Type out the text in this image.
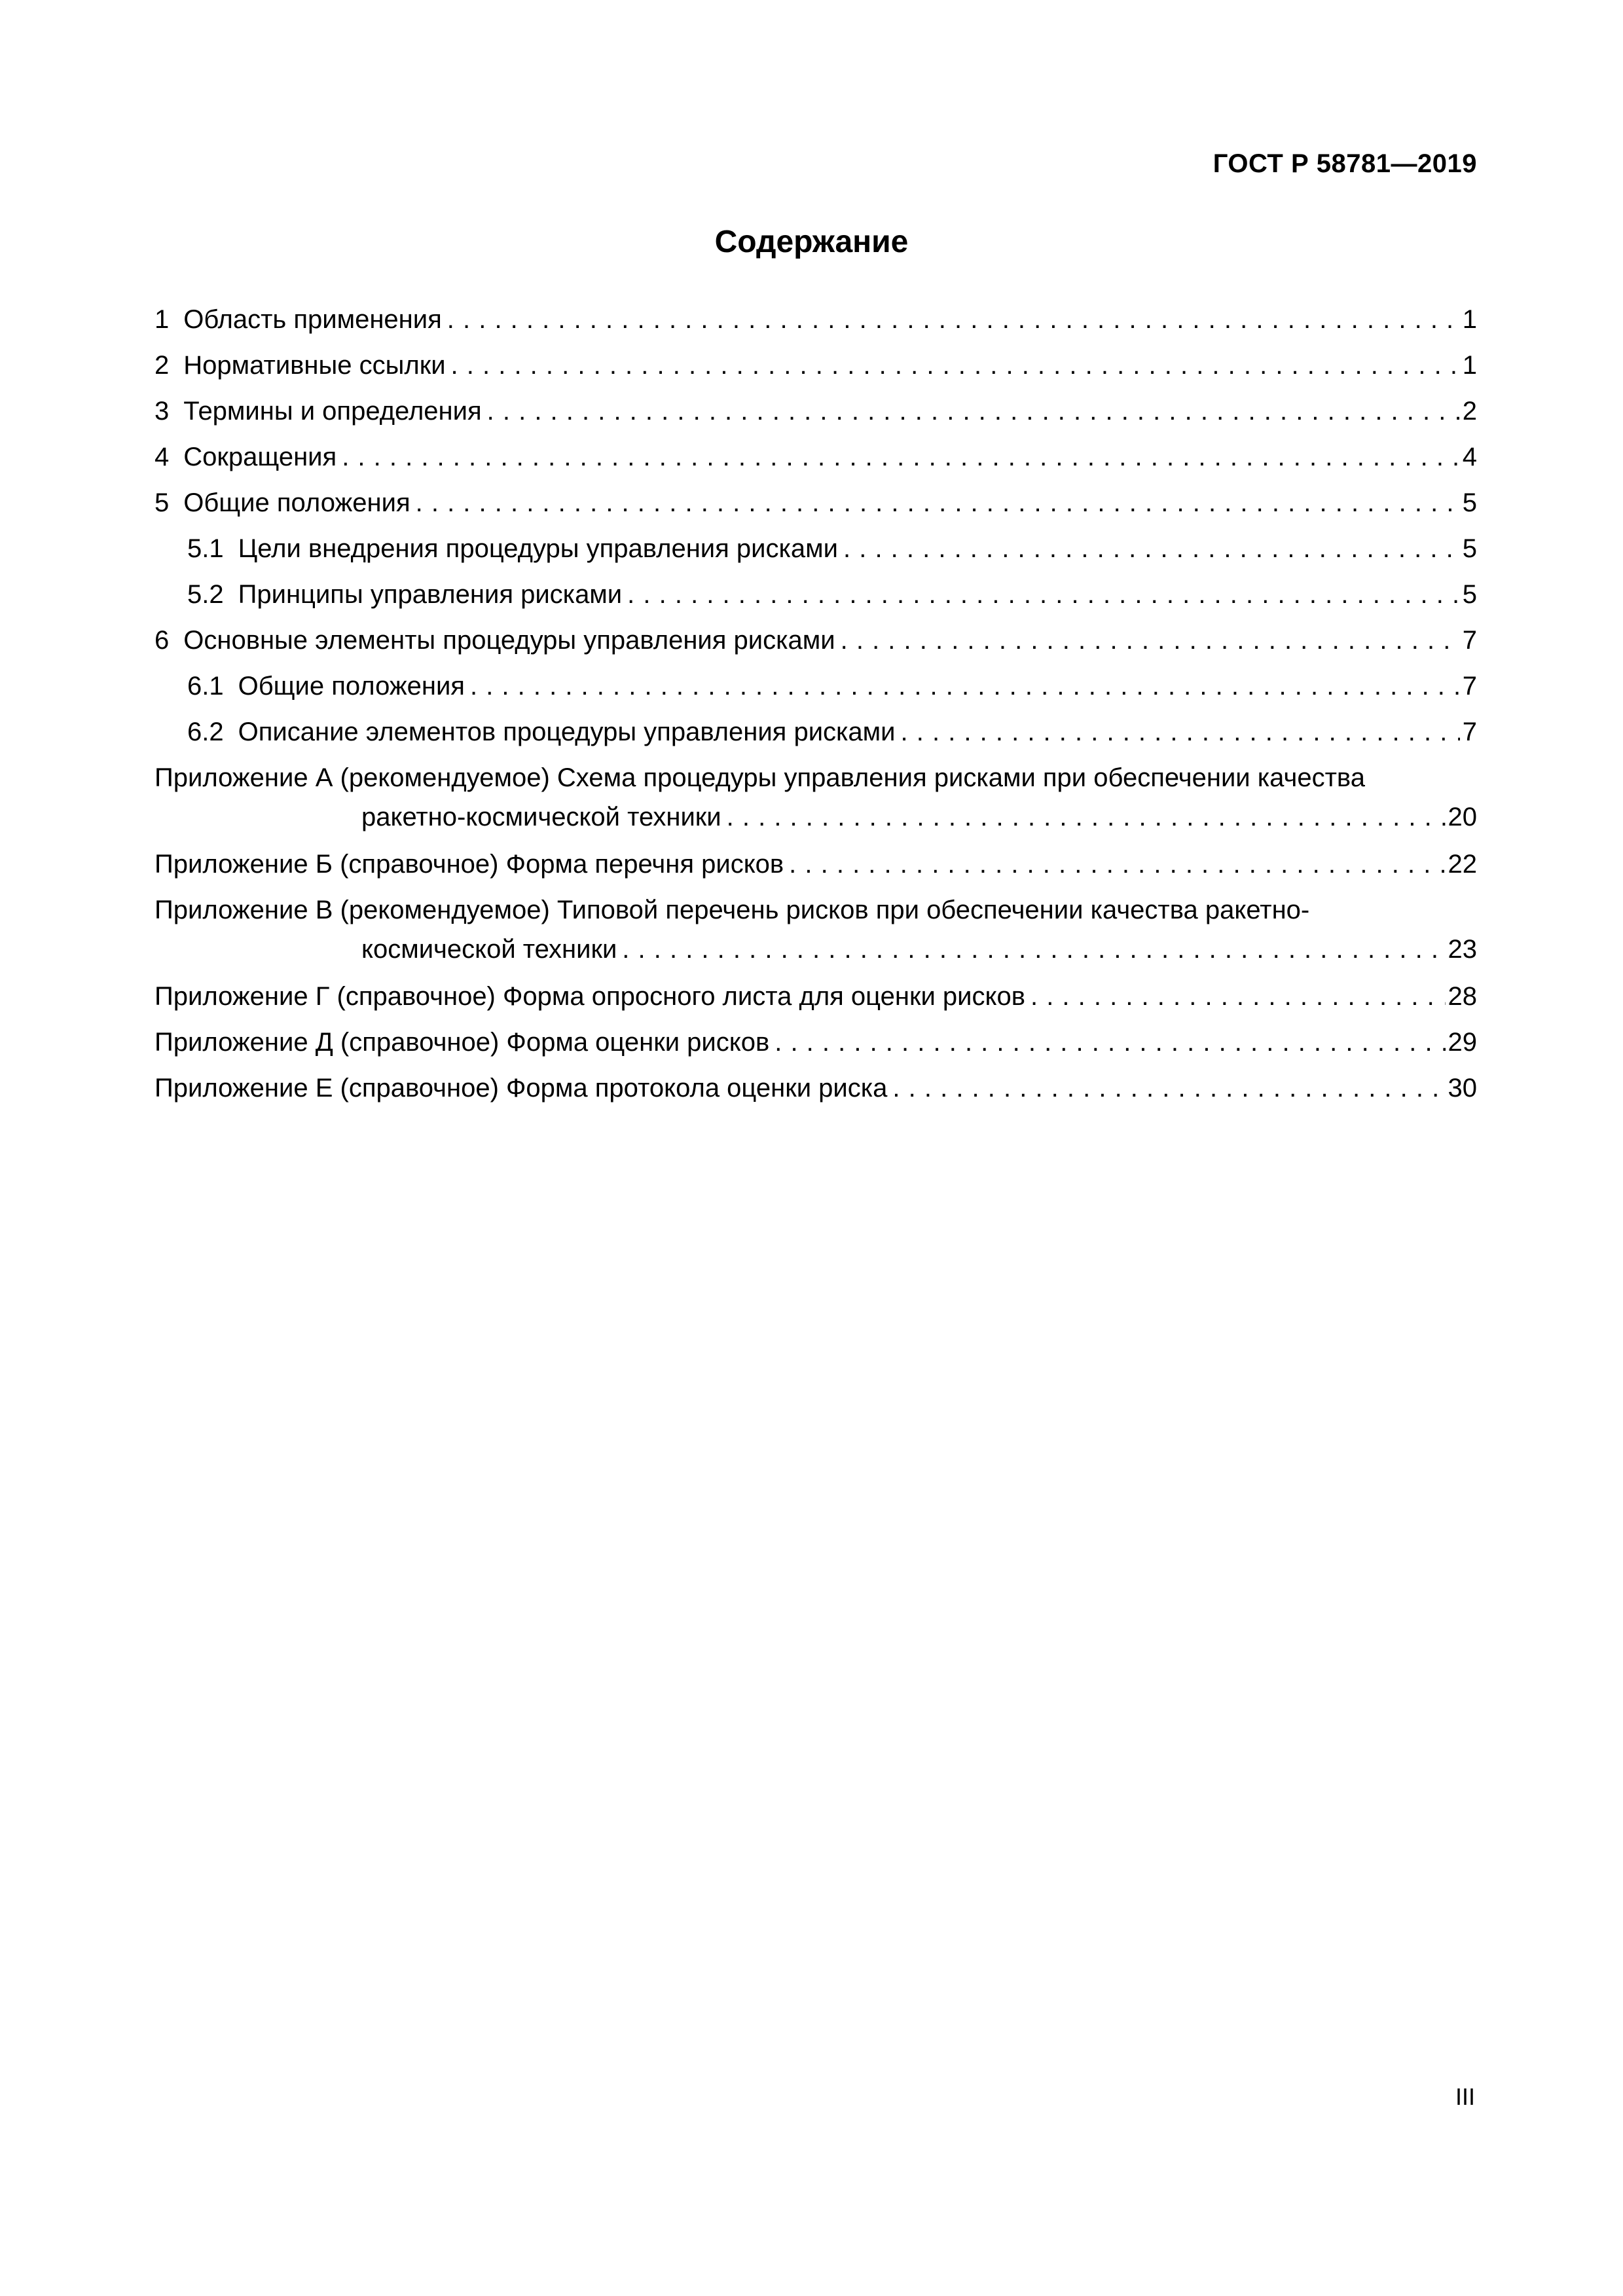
ГОСТ Р 58781—2019
Содержание
1 Область применения . . .	1
2 Нормативные ссылки . . .	1
3 Термины и определения . . .	2
4 Сокращения . . .	4
5 Общие положения . . .	5
5.1 Цели внедрения процедуры управления рисками . . .	5
5.2 Принципы управления рисками . . .	5
6 Основные элементы процедуры управления рисками . . .	7
6.1 Общие положения . . .	7
6.2 Описание элементов процедуры управления рисками . . .	7
Приложение А (рекомендуемое) Схема процедуры управления рисками при обеспечении качества
ракетно-космической техники . . .	20
Приложение Б (справочное) Форма перечня рисков . . .	22
Приложение В (рекомендуемое) Типовой перечень рисков при обеспечении качества ракетно-
космической техники . . .	23
Приложение Г (справочное) Форма опросного листа для оценки рисков . . .	28
Приложение Д (справочное) Форма оценки рисков . . .	29
Приложение Е (справочное) Форма протокола оценки риска . . .	30
III
